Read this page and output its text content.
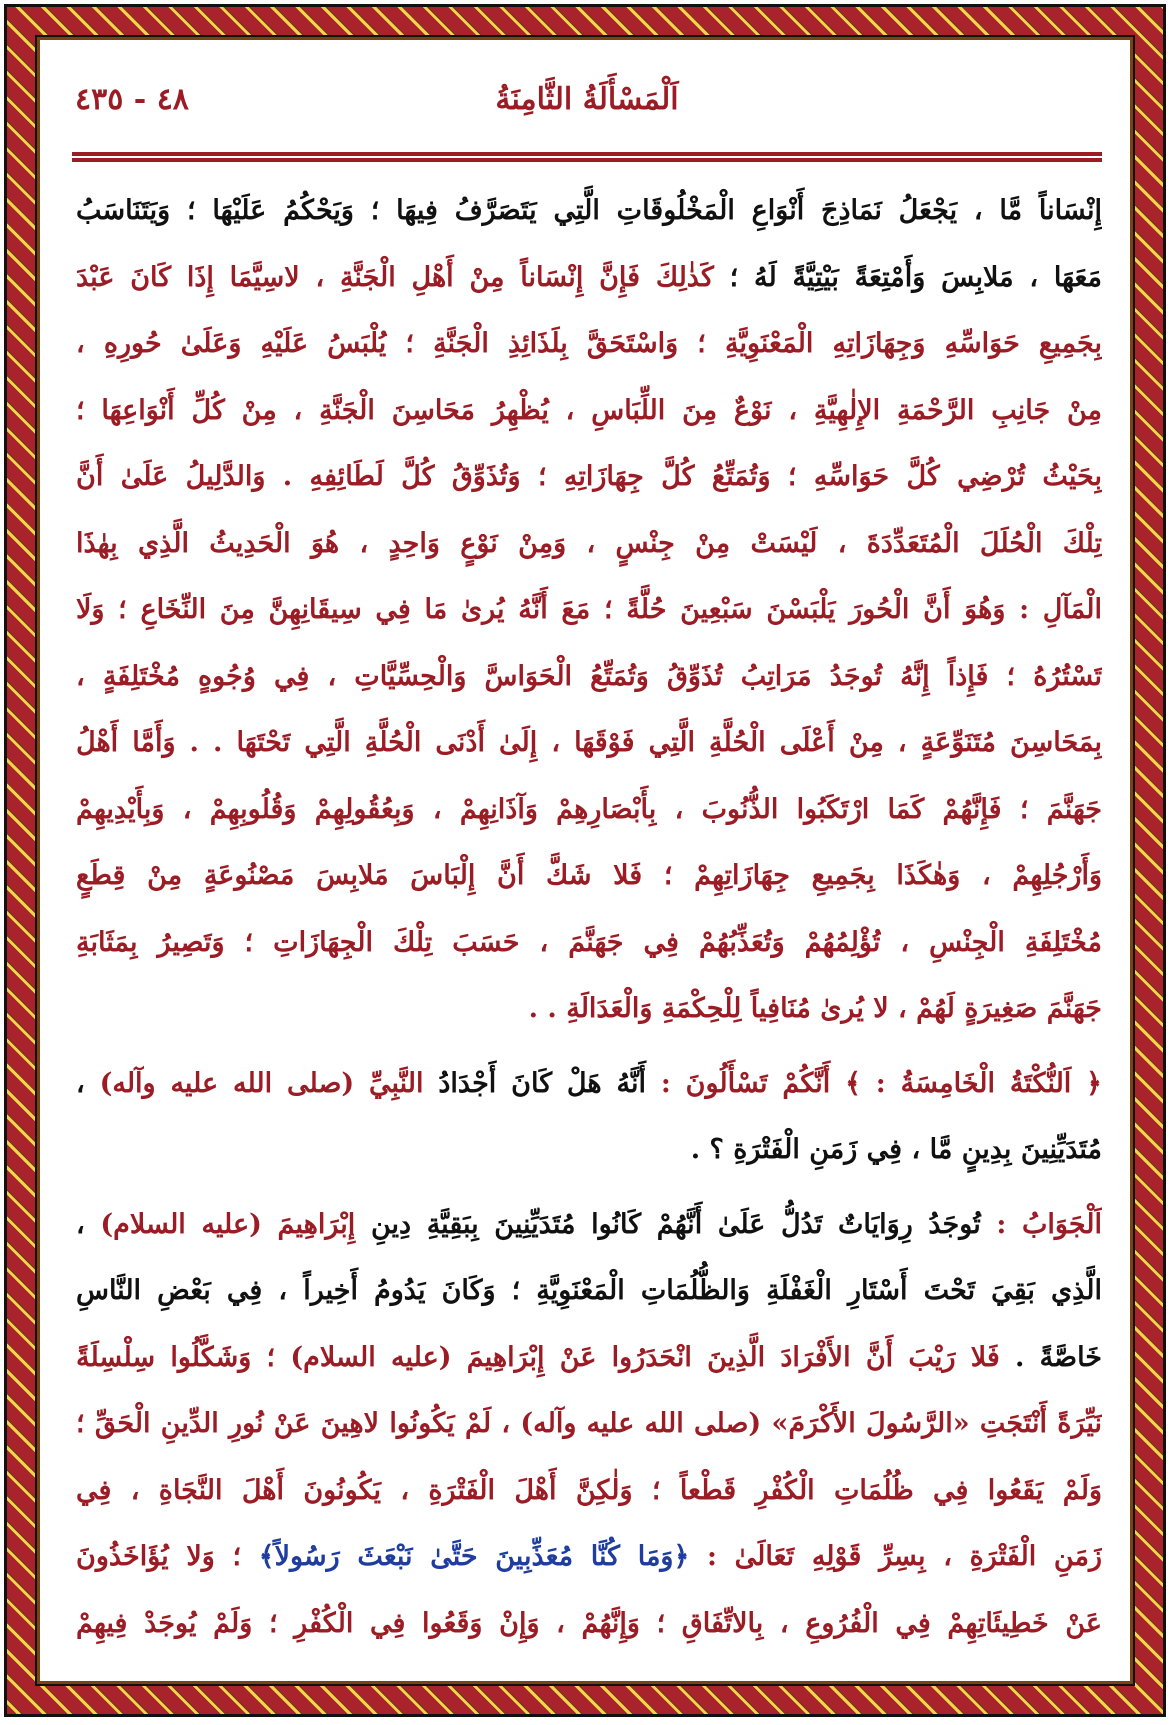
اَلْمَسْأَلَةُ الثَّامِنَةُ
٤٨ - ٤٣٥
إِنْسَاناً مَّا ، يَجْعَلُ نَمَاذِجَ أَنْوَاعِ الْمَخْلُوقَاتِ الَّتِي يَتَصَرَّفُ فِيهَا ؛ وَيَحْكُمُ عَلَيْهَا ؛ وَيَتَنَاسَبُ
مَعَهَا ، مَلابِسَ وَأَمْتِعَةً بَيْتِيَّةً لَهُ ؛ كَذٰلِكَ فَإِنَّ إِنْسَاناً مِنْ أَهْلِ الْجَنَّةِ ، لاسِيَّمَا إِذَا كَانَ عَبْدَ
بِجَمِيعِ حَوَاسِّهِ وَجِهَازَاتِهِ الْمَعْنَوِيَّةِ ؛ وَاسْتَحَقَّ بِلَذَائِذِ الْجَنَّةِ ؛ يُلْبَسُ عَلَيْهِ وَعَلَىٰ حُورِهِ ،
مِنْ جَانِبِ الرَّحْمَةِ الإِلٰهِيَّةِ ، نَوْعٌ مِنَ اللِّبَاسِ ، يُظْهِرُ مَحَاسِنَ الْجَنَّةِ ، مِنْ كُلِّ أَنْوَاعِهَا ؛
بِحَيْثُ تُرْضِي كُلَّ حَوَاسِّهِ ؛ وَتُمَتِّعُ كُلَّ جِهَازَاتِهِ ؛ وَتُذَوِّقُ كُلَّ لَطَائِفِهِ . وَالدَّلِيلُ عَلَىٰ أَنَّ
تِلْكَ الْحُلَلَ الْمُتَعَدِّدَةَ ، لَيْسَتْ مِنْ جِنْسٍ ، وَمِنْ نَوْعٍ وَاحِدٍ ، هُوَ الْحَدِيثُ الَّذِي بِهٰذَا
الْمَآلِ : وَهُوَ أَنَّ الْحُورَ يَلْبَسْنَ سَبْعِينَ حُلَّةً ؛ مَعَ أَنَّهُ يُرىٰ مَا فِي سِيقَانِهِنَّ مِنَ النِّخَاعِ ؛ وَلَا
تَسْتُرُهُ ؛ فَإِذاً إِنَّهُ تُوجَدُ مَرَاتِبُ تُذَوِّقُ وَتُمَتِّعُ الْحَوَاسَّ وَالْحِسِّيَّاتِ ، فِي وُجُوهٍ مُخْتَلِفَةٍ ،
بِمَحَاسِنَ مُتَنَوِّعَةٍ ، مِنْ أَعْلَى الْحُلَّةِ الَّتِي فَوْقَهَا ، إِلَىٰ أَدْنَى الْحُلَّةِ الَّتِي تَحْتَهَا . . وَأَمَّا أَهْلُ
جَهَنَّمَ ؛ فَإِنَّهُمْ كَمَا ارْتَكَبُوا الذُّنُوبَ ، بِأَبْصَارِهِمْ وَآذَانِهِمْ ، وَبِعُقُولِهِمْ وَقُلُوبِهِمْ ، وَبِأَيْدِيهِمْ
وَأَرْجُلِهِمْ ، وَهٰكَذَا بِجَمِيعِ جِهَازَاتِهِمْ ؛ فَلا شَكَّ أَنَّ إِلْبَاسَ مَلابِسَ مَصْنُوعَةٍ مِنْ قِطَعٍ
مُخْتَلِفَةِ الْجِنْسِ ، تُؤْلِمُهُمْ وَتُعَذِّبُهُمْ فِي جَهَنَّمَ ، حَسَبَ تِلْكَ الْجِهَازَاتِ ؛ وَتَصِيرُ بِمَثَابَةِ
جَهَنَّمَ صَغِيرَةٍ لَهُمْ ، لا يُرىٰ مُنَافِياً لِلْحِكْمَةِ وَالْعَدَالَةِ . .
﴿ اَلنُّكْتَةُ الْخَامِسَةُ : ﴾ أَنَّكُمْ تَسْأَلُونَ : أَنَّهُ هَلْ كَانَ أَجْدَادُ النَّبِيِّ (صلى الله عليه وآله) ،
مُتَدَيِّنِينَ بِدِينٍ مَّا ، فِي زَمَنِ الْفَتْرَةِ ؟ .
اَلْجَوَابُ : تُوجَدُ رِوَايَاتٌ تَدُلُّ عَلَىٰ أَنَّهُمْ كَانُوا مُتَدَيِّنِينَ بِبَقِيَّةِ دِينِ إِبْرَاهِيمَ (عليه السلام) ،
الَّذِي بَقِيَ تَحْتَ أَسْتَارِ الْغَفْلَةِ وَالظُّلُمَاتِ الْمَعْنَوِيَّةِ ؛ وَكَانَ يَدُومُ أَخِيراً ، فِي بَعْضِ النَّاسِ
خَاصَّةً . فَلا رَيْبَ أَنَّ الأَفْرَادَ الَّذِينَ انْحَدَرُوا عَنْ إِبْرَاهِيمَ (عليه السلام) ؛ وَشَكَّلُوا سِلْسِلَةً
نَيِّرَةً أَنْتَجَتِ «الرَّسُولَ الأَكْرَمَ» (صلى الله عليه وآله) ، لَمْ يَكُونُوا لاهِينَ عَنْ نُورِ الدِّينِ الْحَقِّ ؛
وَلَمْ يَقَعُوا فِي ظُلُمَاتِ الْكُفْرِ قَطْعاً ؛ وَلٰكِنَّ أَهْلَ الْفَتْرَةِ ، يَكُونُونَ أَهْلَ النَّجَاةِ ، فِي
زَمَنِ الْفَتْرَةِ ، بِسِرِّ قَوْلِهِ تَعَالَىٰ : ﴿وَمَا كُنَّا مُعَذِّبِينَ حَتَّىٰ نَبْعَثَ رَسُولاً﴾ ؛ وَلا يُؤَاخَذُونَ
عَنْ خَطِيئَاتِهِمْ فِي الْفُرُوعِ ، بِالاتِّفَاقِ ؛ وَإِنَّهُمْ ، وَإِنْ وَقَعُوا فِي الْكُفْرِ ؛ وَلَمْ يُوجَدْ فِيهِمْ
